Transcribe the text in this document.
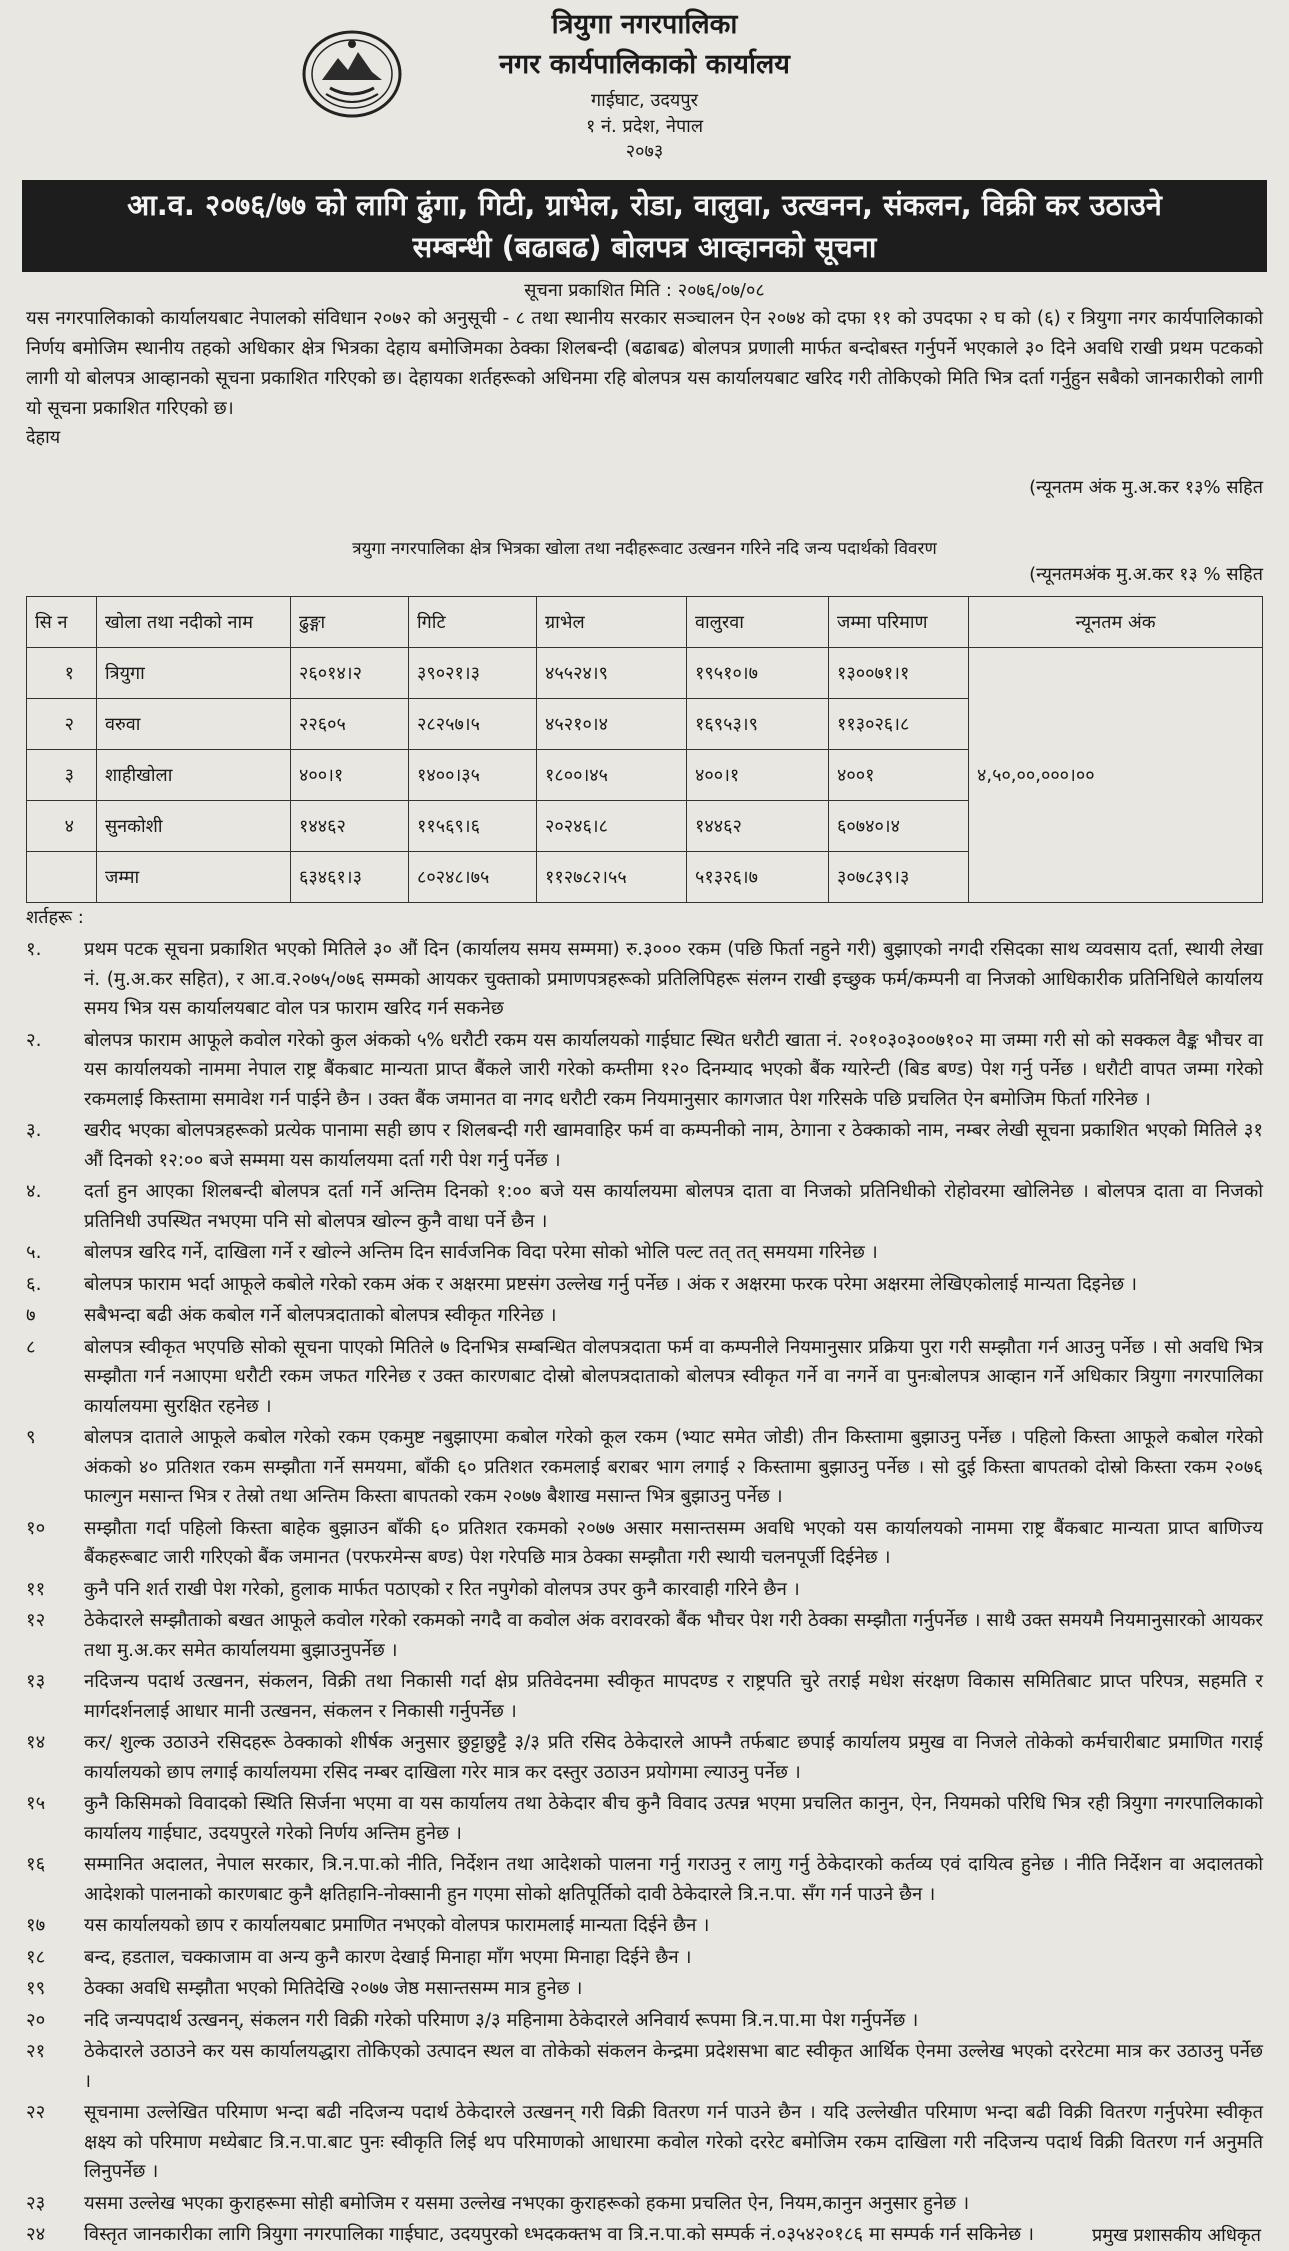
त्रियुगा नगरपालिका
नगर कार्यपालिकाको कार्यालय
गाईघाट, उदयपुर
१ नं. प्रदेश, नेपाल
२०७३
आ.व. २०७६/७७ को लागि ढुंगा, गिटी, ग्राभेल, रोडा, वालुवा, उत्खनन, संकलन, विक्री कर उठाउने
सम्बन्धी (बढाबढ) बोलपत्र आव्हानको सूचना
सूचना प्रकाशित मिति : २०७६/०७/०८
यस नगरपालिकाको कार्यालयबाट नेपालको संविधान २०७२ को अनुसूची - ८ तथा स्थानीय सरकार सञ्चालन ऐन २०७४ को दफा ११ को उपदफा २ घ को (६) र त्रियुगा नगर कार्यपालिकाको निर्णय बमोजिम स्थानीय तहको अधिकार क्षेत्र भित्रका देहाय बमोजिमका ठेक्का शिलबन्दी (बढाबढ) बोलपत्र प्रणाली मार्फत बन्दोबस्त गर्नुपर्ने भएकाले ३० दिने अवधि राखी प्रथम पटकको लागी यो बोलपत्र आव्हानको सूचना प्रकाशित गरिएको छ। देहायका शर्तहरूको अधिनमा रहि बोलपत्र यस कार्यालयबाट खरिद गरी तोकिएको मिति भित्र दर्ता गर्नुहुन सबैको जानकारीको लागी यो सूचना प्रकाशित गरिएको छ।
देहाय
(न्यूनतम अंक मु.अ.कर १३% सहित
त्रयुगा नगरपालिका क्षेत्र भित्रका खोला तथा नदीहरूवाट उत्खनन गरिने नदि जन्य पदार्थको विवरण
(न्यूनतमअंक मु.अ.कर १३ % सहित
सि न	खोला तथा नदीको नाम	ढुङ्गा	गिटि	ग्राभेल	वालुरवा	जम्मा परिमाण	न्यूनतम अंक
१	त्रियुगा	२६०१४।२	३९०२१।३	४५५२४।९	१९५१०।७	१३००७१।१	४,५०,००,०००।००
२	वरुवा	२२६०५	२८२५७।५	४५२१०।४	१६९५३।९	११३०२६।८	
३	शाहीखोला	४००।१	१४००।३५	१८००।४५	४००।१	४००१	
४	सुनकोशी	१४४६२	११५६९।६	२०२४६।८	१४४६२	६०७४०।४	
	जम्मा	६३४६१।३	८०२४८।७५	११२७८२।५५	५१३२६।७	३०७८३९।३	
शर्तहरू :
१.	प्रथम पटक सूचना प्रकाशित भएको मितिले ३० औं दिन (कार्यालय समय सम्ममा) रु.३००० रकम (पछि फिर्ता नहुने गरी) बुझाएको नगदी रसिदका साथ व्यवसाय दर्ता, स्थायी लेखा नं. (मु.अ.कर सहित), र आ.व.२०७५/०७६ सम्मको आयकर चुक्ताको प्रमाणपत्रहरूको प्रतिलिपिहरू संलग्न राखी इच्छुक फर्म/कम्पनी वा निजको आधिकारीक प्रतिनिधिले कार्यालय समय भित्र यस कार्यालयबाट वोल पत्र फाराम खरिद गर्न सकनेछ
२.	बोलपत्र फाराम आफूले कवोल गरेको कुल अंकको ५% धरौटी रकम यस कार्यालयको गाईघाट स्थित धरौटी खाता नं. २०१०३०३००७१०२ मा जम्मा गरी सो को सक्कल वैङ्क भौचर वा यस कार्यालयको नाममा नेपाल राष्ट्र बैंकबाट मान्यता प्राप्त बैंकले जारी गरेको कम्तीमा १२० दिनम्याद भएको बैंक ग्यारेन्टी (बिड बण्ड) पेश गर्नु पर्नेछ । धरौटी वापत जम्मा गरेको रकमलाई किस्तामा समावेश गर्न पाईने छैन । उक्त बैंक जमानत वा नगद धरौटी रकम नियमानुसार कागजात पेश गरिसके पछि प्रचलित ऐन बमोजिम फिर्ता गरिनेछ ।
३.	खरीद भएका बोलपत्रहरूको प्रत्येक पानामा सही छाप र शिलबन्दी गरी खामवाहिर फर्म वा कम्पनीको नाम, ठेगाना र ठेक्काको नाम, नम्बर लेखी सूचना प्रकाशित भएको मितिले ३१ औं दिनको १२:०० बजे सम्ममा यस कार्यालयमा दर्ता गरी पेश गर्नु पर्नेछ ।
४.	दर्ता हुन आएका शिलबन्दी बोलपत्र दर्ता गर्ने अन्तिम दिनको १:०० बजे यस कार्यालयमा बोलपत्र दाता वा निजको प्रतिनिधीको रोहोवरमा खोलिनेछ । बोलपत्र दाता वा निजको प्रतिनिधी उपस्थित नभएमा पनि सो बोलपत्र खोल्न कुनै वाधा पर्ने छैन ।
५.	बोलपत्र खरिद गर्ने, दाखिला गर्ने र खोल्ने अन्तिम दिन सार्वजनिक विदा परेमा सोको भोलि पल्ट तत् तत् समयमा गरिनेछ ।
६.	बोलपत्र फाराम भर्दा आफूले कबोले गरेको रकम अंक र अक्षरमा प्रष्टसंग उल्लेख गर्नु पर्नेछ । अंक र अक्षरमा फरक परेमा अक्षरमा लेखिएकोलाई मान्यता दिइनेछ ।
७	सबैभन्दा बढी अंक कबोल गर्ने बोलपत्रदाताको बोलपत्र स्वीकृत गरिनेछ ।
८	बोलपत्र स्वीकृत भएपछि सोको सूचना पाएको मितिले ७ दिनभित्र सम्बन्धित वोलपत्रदाता फर्म वा कम्पनीले नियमानुसार प्रक्रिया पुरा गरी सम्झौता गर्न आउनु पर्नेछ । सो अवधि भित्र सम्झौता गर्न नआएमा धरौटी रकम जफत गरिनेछ र उक्त कारणबाट दोस्रो बोलपत्रदाताको बोलपत्र स्वीकृत गर्ने वा नगर्ने वा पुनःबोलपत्र आव्हान गर्ने अधिकार त्रियुगा नगरपालिका कार्यालयमा सुरक्षित रहनेछ ।
९	बोलपत्र दाताले आफूले कबोल गरेको रकम एकमुष्ट नबुझाएमा कबोल गरेको कूल रकम (भ्याट समेत जोडी) तीन किस्तामा बुझाउनु पर्नेछ । पहिलो किस्ता आफूले कबोल गरेको अंकको ४० प्रतिशत रकम सम्झौता गर्ने समयमा, बाँकी ६० प्रतिशत रकमलाई बराबर भाग लगाई २ किस्तामा बुझाउनु पर्नेछ । सो दुई किस्ता बापतको दोस्रो किस्ता रकम २०७६ फाल्गुन मसान्त भित्र र तेस्रो तथा अन्तिम किस्ता बापतको रकम २०७७ बैशाख मसान्त भित्र बुझाउनु पर्नेछ ।
१०	सम्झौता गर्दा पहिलो किस्ता बाहेक बुझाउन बाँकी ६० प्रतिशत रकमको २०७७ असार मसान्तसम्म अवधि भएको यस कार्यालयको नाममा राष्ट्र बैंकबाट मान्यता प्राप्त बाणिज्य बैंकहरूबाट जारी गरिएको बैंक जमानत (परफरमेन्स बण्ड) पेश गरेपछि मात्र ठेक्का सम्झौता गरी स्थायी चलनपूर्जी दिईनेछ ।
११	कुनै पनि शर्त राखी पेश गरेको, हुलाक मार्फत पठाएको र रित नपुगेको वोलपत्र उपर कुनै कारवाही गरिने छैन ।
१२	ठेकेदारले सम्झौताको बखत आफूले कवोल गरेको रकमको नगदै वा कवोल अंक वरावरको बैंक भौचर पेश गरी ठेक्का सम्झौता गर्नुपर्नेछ । साथै उक्त समयमै नियमानुसारको आयकर तथा मु.अ.कर समेत कार्यालयमा बुझाउनुपर्नेछ ।
१३	नदिजन्य पदार्थ उत्खनन, संकलन, विक्री तथा निकासी गर्दा क्षेप्र प्रतिवेदनमा स्वीकृत मापदण्ड र राष्ट्रपति चुरे तराई मधेश संरक्षण विकास समितिबाट प्राप्त परिपत्र, सहमति र मार्गदर्शनलाई आधार मानी उत्खनन, संकलन र निकासी गर्नुपर्नेछ ।
१४	कर/ शुल्क उठाउने रसिदहरू ठेक्काको शीर्षक अनुसार छुट्टाछुट्टै ३/३ प्रति रसिद ठेकेदारले आफ्नै तर्फबाट छपाई कार्यालय प्रमुख वा निजले तोकेको कर्मचारीबाट प्रमाणित गराई कार्यालयको छाप लगाई कार्यालयमा रसिद नम्बर दाखिला गरेर मात्र कर दस्तुर उठाउन प्रयोगमा ल्याउनु पर्नेछ ।
१५	कुनै किसिमको विवादको स्थिति सिर्जना भएमा वा यस कार्यालय तथा ठेकेदार बीच कुनै विवाद उत्पन्न भएमा प्रचलित कानुन, ऐन, नियमको परिधि भित्र रही त्रियुगा नगरपालिकाको कार्यालय गाईघाट, उदयपुरले गरेको निर्णय अन्तिम हुनेछ ।
१६	सम्मानित अदालत, नेपाल सरकार, त्रि.न.पा.को नीति, निर्देशन तथा आदेशको पालना गर्नु गराउनु र लागु गर्नु ठेकेदारको कर्तव्य एवं दायित्व हुनेछ । नीति निर्देशन वा अदालतको आदेशको पालनाको कारणबाट कुनै क्षतिहानि-नोक्सानी हुन गएमा सोको क्षतिपूर्तिको दावी ठेकेदारले त्रि.न.पा. सँग गर्न पाउने छैन ।
१७	यस कार्यालयको छाप र कार्यालयबाट प्रमाणित नभएको वोलपत्र फारामलाई मान्यता दिईने छैन ।
१८	बन्द, हडताल, चक्काजाम वा अन्य कुनै कारण देखाई मिनाहा माँग भएमा मिनाहा दिईने छैन ।
१९	ठेक्का अवधि सम्झौता भएको मितिदेखि २०७७ जेष्ठ मसान्तसम्म मात्र हुनेछ ।
२०	नदि जन्यपदार्थ उत्खनन्, संकलन गरी विक्री गरेको परिमाण ३/३ महिनामा ठेकेदारले अनिवार्य रूपमा त्रि.न.पा.मा पेश गर्नुपर्नेछ ।
२१	ठेकेदारले उठाउने कर यस कार्यालयद्धारा तोकिएको उत्पादन स्थल वा तोकेको संकलन केन्द्रमा प्रदेशसभा बाट स्वीकृत आर्थिक ऐनमा उल्लेख भएको दररेटमा मात्र कर उठाउनु पर्नेछ ।
२२	सूचनामा उल्लेखित परिमाण भन्दा बढी नदिजन्य पदार्थ ठेकेदारले उत्खनन् गरी विक्री वितरण गर्न पाउने छैन । यदि उल्लेखीत परिमाण भन्दा बढी विक्री वितरण गर्नुपरेमा स्वीकृत क्षक्ष्य को परिमाण मध्येबाट त्रि.न.पा.बाट पुनः स्वीकृति लिई थप परिमाणको आधारमा कवोल गरेको दररेट बमोजिम रकम दाखिला गरी नदिजन्य पदार्थ विक्री वितरण गर्न अनुमति लिनुपर्नेछ ।
२३	यसमा उल्लेख भएका कुराहरूमा सोही बमोजिम र यसमा उल्लेख नभएका कुराहरूको हकमा प्रचलित ऐन, नियम,कानुन अनुसार हुनेछ ।
२४	विस्तृत जानकारीका लागि त्रियुगा नगरपालिका गाईघाट, उदयपुरको ध्भदकक्तभ वा त्रि.न.पा.को सम्पर्क नं.०३५४२०१८६ मा सम्पर्क गर्न सकिनेछ ।	प्रमुख प्रशासकीय अधिकृत
